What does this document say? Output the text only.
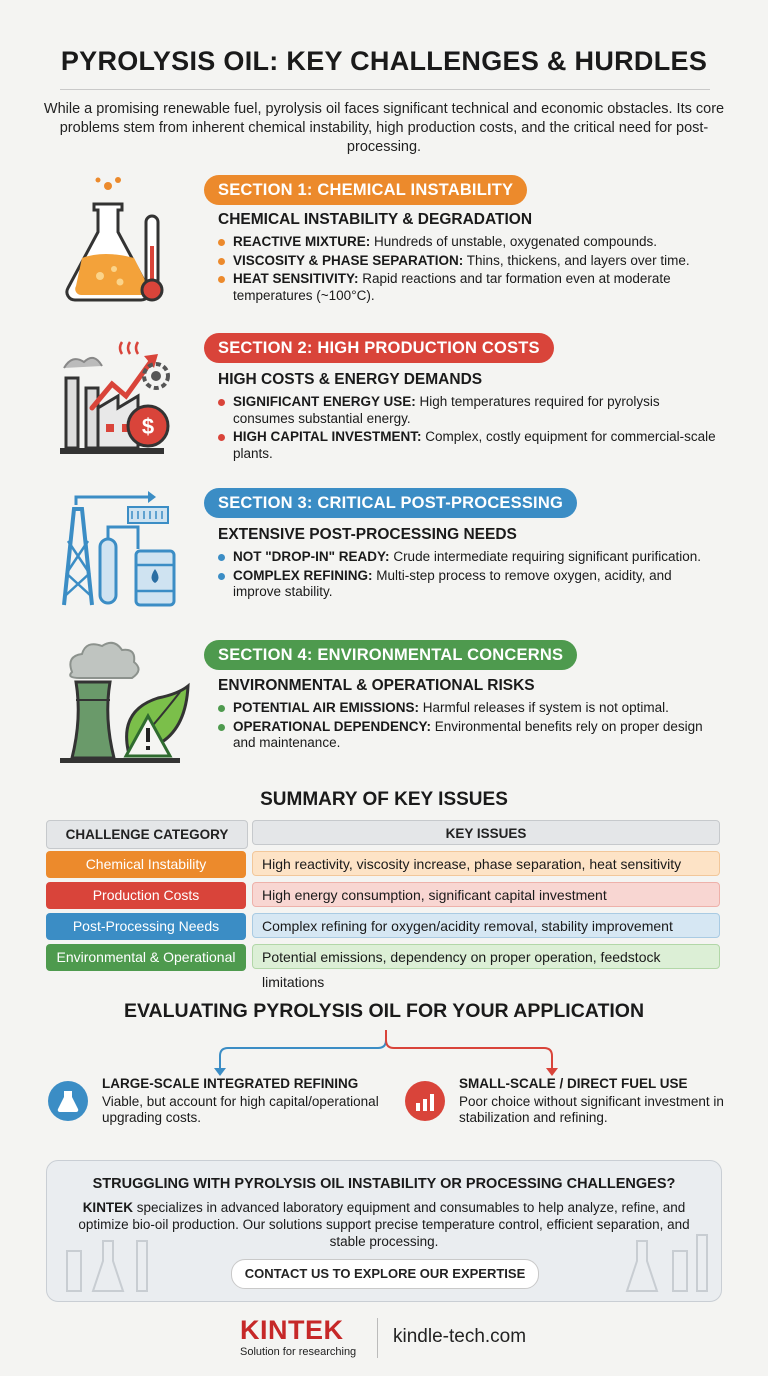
PYROLYSIS OIL: KEY CHALLENGES & HURDLES
While a promising renewable fuel, pyrolysis oil faces significant technical and economic obstacles. Its core problems stem from inherent chemical instability, high production costs, and the critical need for post-processing.
SECTION 1: CHEMICAL INSTABILITY
CHEMICAL INSTABILITY & DEGRADATION
REACTIVE MIXTURE: Hundreds of unstable, oxygenated compounds.
VISCOSITY & PHASE SEPARATION: Thins, thickens, and layers over time.
HEAT SENSITIVITY: Rapid reactions and tar formation even at moderate temperatures (~100°C).
$
SECTION 2: HIGH PRODUCTION COSTS
HIGH COSTS & ENERGY DEMANDS
SIGNIFICANT ENERGY USE: High temperatures required for pyrolysis consumes substantial energy.
HIGH CAPITAL INVESTMENT: Complex, costly equipment for commercial-scale plants.
SECTION 3: CRITICAL POST-PROCESSING
EXTENSIVE POST-PROCESSING NEEDS
NOT "DROP-IN" READY: Crude intermediate requiring significant purification.
COMPLEX REFINING: Multi-step process to remove oxygen, acidity, and improve stability.
SECTION 4: ENVIRONMENTAL CONCERNS
ENVIRONMENTAL & OPERATIONAL RISKS
POTENTIAL AIR EMISSIONS: Harmful releases if system is not optimal.
OPERATIONAL DEPENDENCY: Environmental benefits rely on proper design and maintenance.
SUMMARY OF KEY ISSUES
CHALLENGE CATEGORY	KEY ISSUES
Chemical Instability	High reactivity, viscosity increase, phase separation, heat sensitivity
Production Costs	High energy consumption, significant capital investment
Post-Processing Needs	Complex refining for oxygen/acidity removal, stability improvement
Environmental & Operational	Potential emissions, dependency on proper operation, feedstock limitations
EVALUATING PYROLYSIS OIL FOR YOUR APPLICATION
LARGE-SCALE INTEGRATED REFINING
Viable, but account for high capital/operational upgrading costs.
SMALL-SCALE / DIRECT FUEL USE
Poor choice without significant investment in stabilization and refining.
STRUGGLING WITH PYROLYSIS OIL INSTABILITY OR PROCESSING CHALLENGES?
KINTEK specializes in advanced laboratory equipment and consumables to help analyze, refine, and optimize bio-oil production. Our solutions support precise temperature control, efficient separation, and stable processing.
CONTACT US TO EXPLORE OUR EXPERTISE
KINTEK
Solution for researching
kindle-tech.com
